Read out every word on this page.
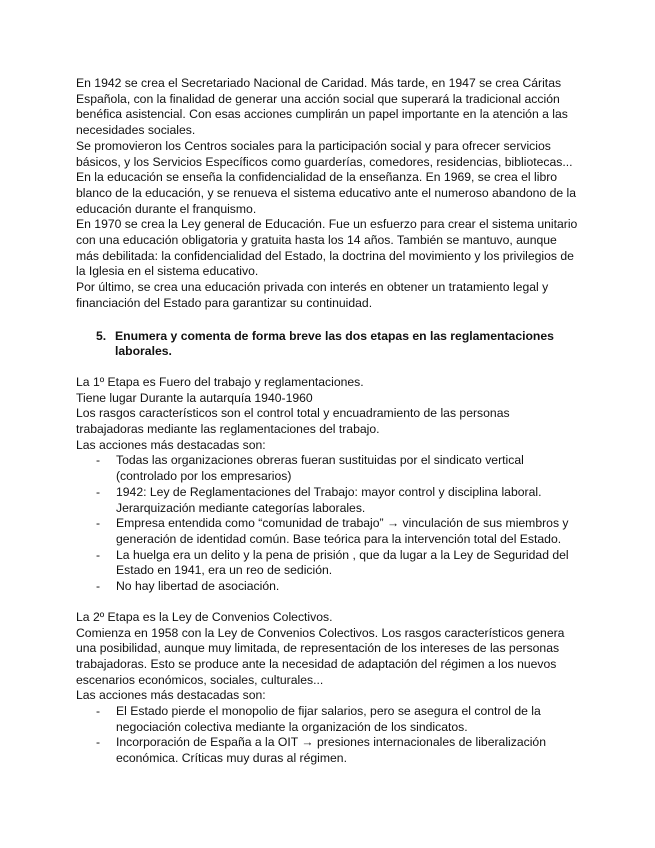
En 1942 se crea el Secretariado Nacional de Caridad. Más tarde, en 1947 se crea Cáritas Española, con la finalidad de generar una acción social que superará la tradicional acción benéfica asistencial. Con esas acciones cumplirán un papel importante en la atención a las necesidades sociales.

Se promovieron los Centros sociales para la participación social y para ofrecer servicios básicos, y los Servicios Específicos como guarderías, comedores, residencias, bibliotecas...

En la educación se enseña la confidencialidad de la enseñanza. En 1969, se crea el libro blanco de la educación, y se renueva el sistema educativo ante el numeroso abandono de la educación durante el franquismo.

En 1970 se crea la Ley general de Educación. Fue un esfuerzo para crear el sistema unitario con una educación obligatoria y gratuita hasta los 14 años. También se mantuvo, aunque más debilitada: la confidencialidad del Estado, la doctrina del movimiento y los privilegios de la Iglesia en el sistema educativo.

Por último, se crea una educación privada con interés en obtener un tratamiento legal y financiación del Estado para garantizar su continuidad.

5. Enumera y comenta de forma breve las dos etapas en las reglamentaciones laborales.

La 1º Etapa es Fuero del trabajo y reglamentaciones.

Tiene lugar Durante la autarquía 1940-1960

Los rasgos característicos son el control total y encuadramiento de las personas trabajadoras mediante las reglamentaciones del trabajo.

Las acciones más destacadas son:

-	Todas las organizaciones obreras fueran sustituidas por el sindicato vertical (controlado por los empresarios)
-	1942: Ley de Reglamentaciones del Trabajo: mayor control y disciplina laboral. Jerarquización mediante categorías laborales.
-	Empresa entendida como “comunidad de trabajo” → vinculación de sus miembros y generación de identidad común. Base teórica para la intervención total del Estado.
-	La huelga era un delito y la pena de prisión , que da lugar a la Ley de Seguridad del Estado en 1941, era un reo de sedición.
-	No hay libertad de asociación.

La 2º Etapa es la Ley de Convenios Colectivos.

Comienza en 1958 con la Ley de Convenios Colectivos. Los rasgos característicos genera una posibilidad, aunque muy limitada, de representación de los intereses de las personas trabajadoras. Esto se produce ante la necesidad de adaptación del régimen a los nuevos escenarios económicos, sociales, culturales...

Las acciones más destacadas son:

-	El Estado pierde el monopolio de fijar salarios, pero se asegura el control de la negociación colectiva mediante la organización de los sindicatos.
-	Incorporación de España a la OIT → presiones internacionales de liberalización económica. Críticas muy duras al régimen.
